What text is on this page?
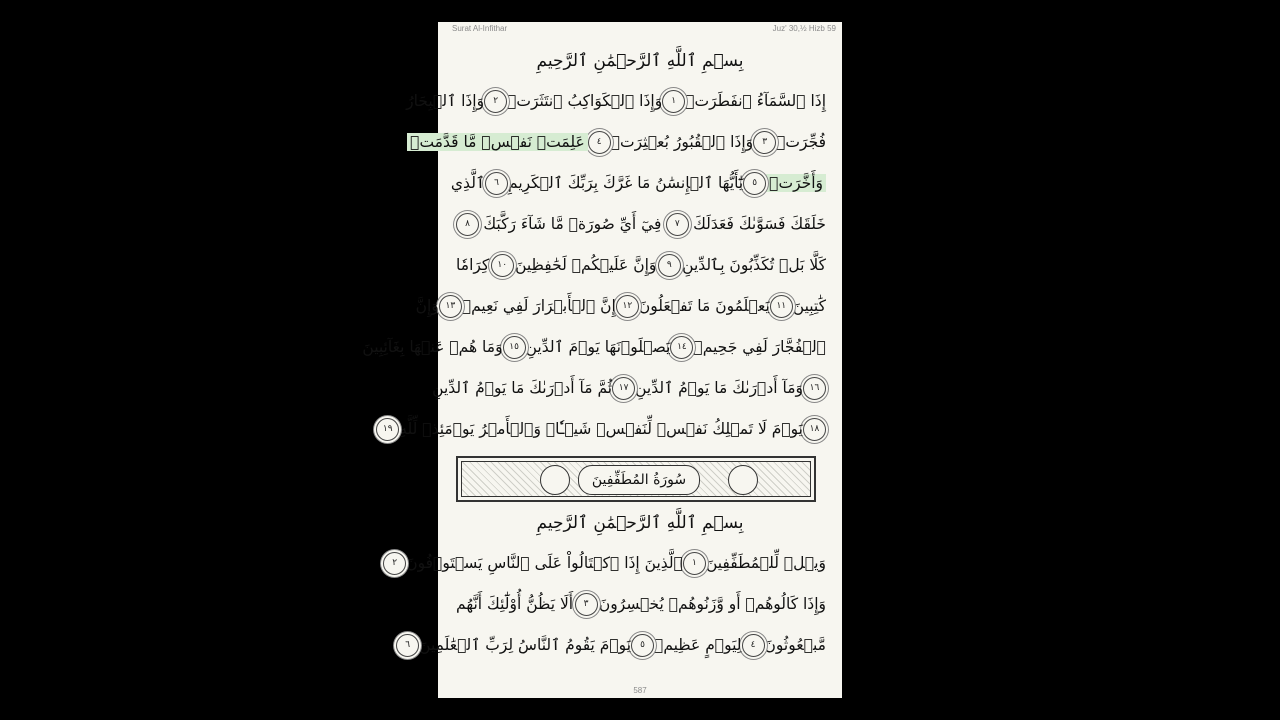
Surat Al-Infithar	Juz' 30,½ Hizb 59
بِسۡمِ ٱللَّهِ ٱلرَّحۡمَٰنِ ٱلرَّحِيمِ
إِذَا ٱلسَّمَآءُ ٱنفَطَرَتۡ
١
وَإِذَا ٱلۡكَوَاكِبُ ٱنتَثَرَتۡ
٢
وَإِذَا ٱلۡبِحَارُ
فُجِّرَتۡ
٣
وَإِذَا ٱلۡقُبُورُ بُعۡثِرَتۡ
٤
عَلِمَتۡ نَفۡسٞ مَّا قَدَّمَتۡ
وَأَخَّرَتۡ
٥
يَٰٓأَيُّهَا ٱلۡإِنسَٰنُ مَا غَرَّكَ بِرَبِّكَ ٱلۡكَرِيمِ
٦
ٱلَّذِي
خَلَقَكَ فَسَوَّىٰكَ فَعَدَلَكَ
٧
فِيٓ أَيِّ صُورَةٖ مَّا شَآءَ رَكَّبَكَ
٨
كَلَّا بَلۡ تُكَذِّبُونَ بِٱلدِّينِ
٩
وَإِنَّ عَلَيۡكُمۡ لَحَٰفِظِينَ
١٠
كِرَامٗا
كَٰتِبِينَ
١١
يَعۡلَمُونَ مَا تَفۡعَلُونَ
١٢
إِنَّ ٱلۡأَبۡرَارَ لَفِي نَعِيمٖ
١٣
وَإِنَّ
ٱلۡفُجَّارَ لَفِي جَحِيمٖ
١٤
يَصۡلَوۡنَهَا يَوۡمَ ٱلدِّينِ
١٥
وَمَا هُمۡ عَنۡهَا بِغَآئِبِينَ
١٦
وَمَآ أَدۡرَىٰكَ مَا يَوۡمُ ٱلدِّينِ
١٧
ثُمَّ مَآ أَدۡرَىٰكَ مَا يَوۡمُ ٱلدِّينِ
١٨
يَوۡمَ لَا تَمۡلِكُ نَفۡسٞ لِّنَفۡسٖ شَيۡـٔٗاۖ وَٱلۡأَمۡرُ يَوۡمَئِذٖ لِّلَّهِ
١٩
سُورَةُ المُطَفِّفِينَ
بِسۡمِ ٱللَّهِ ٱلرَّحۡمَٰنِ ٱلرَّحِيمِ
وَيۡلٞ لِّلۡمُطَفِّفِينَ
١
ٱلَّذِينَ إِذَا ٱكۡتَالُواْ عَلَى ٱلنَّاسِ يَسۡتَوۡفُونَ
٢
وَإِذَا كَالُوهُمۡ أَو وَّزَنُوهُمۡ يُخۡسِرُونَ
٣
أَلَا يَظُنُّ أُوْلَٰٓئِكَ أَنَّهُم
مَّبۡعُوثُونَ
٤
لِيَوۡمٍ عَظِيمٖ
٥
يَوۡمَ يَقُومُ ٱلنَّاسُ لِرَبِّ ٱلۡعَٰلَمِينَ
٦
587
